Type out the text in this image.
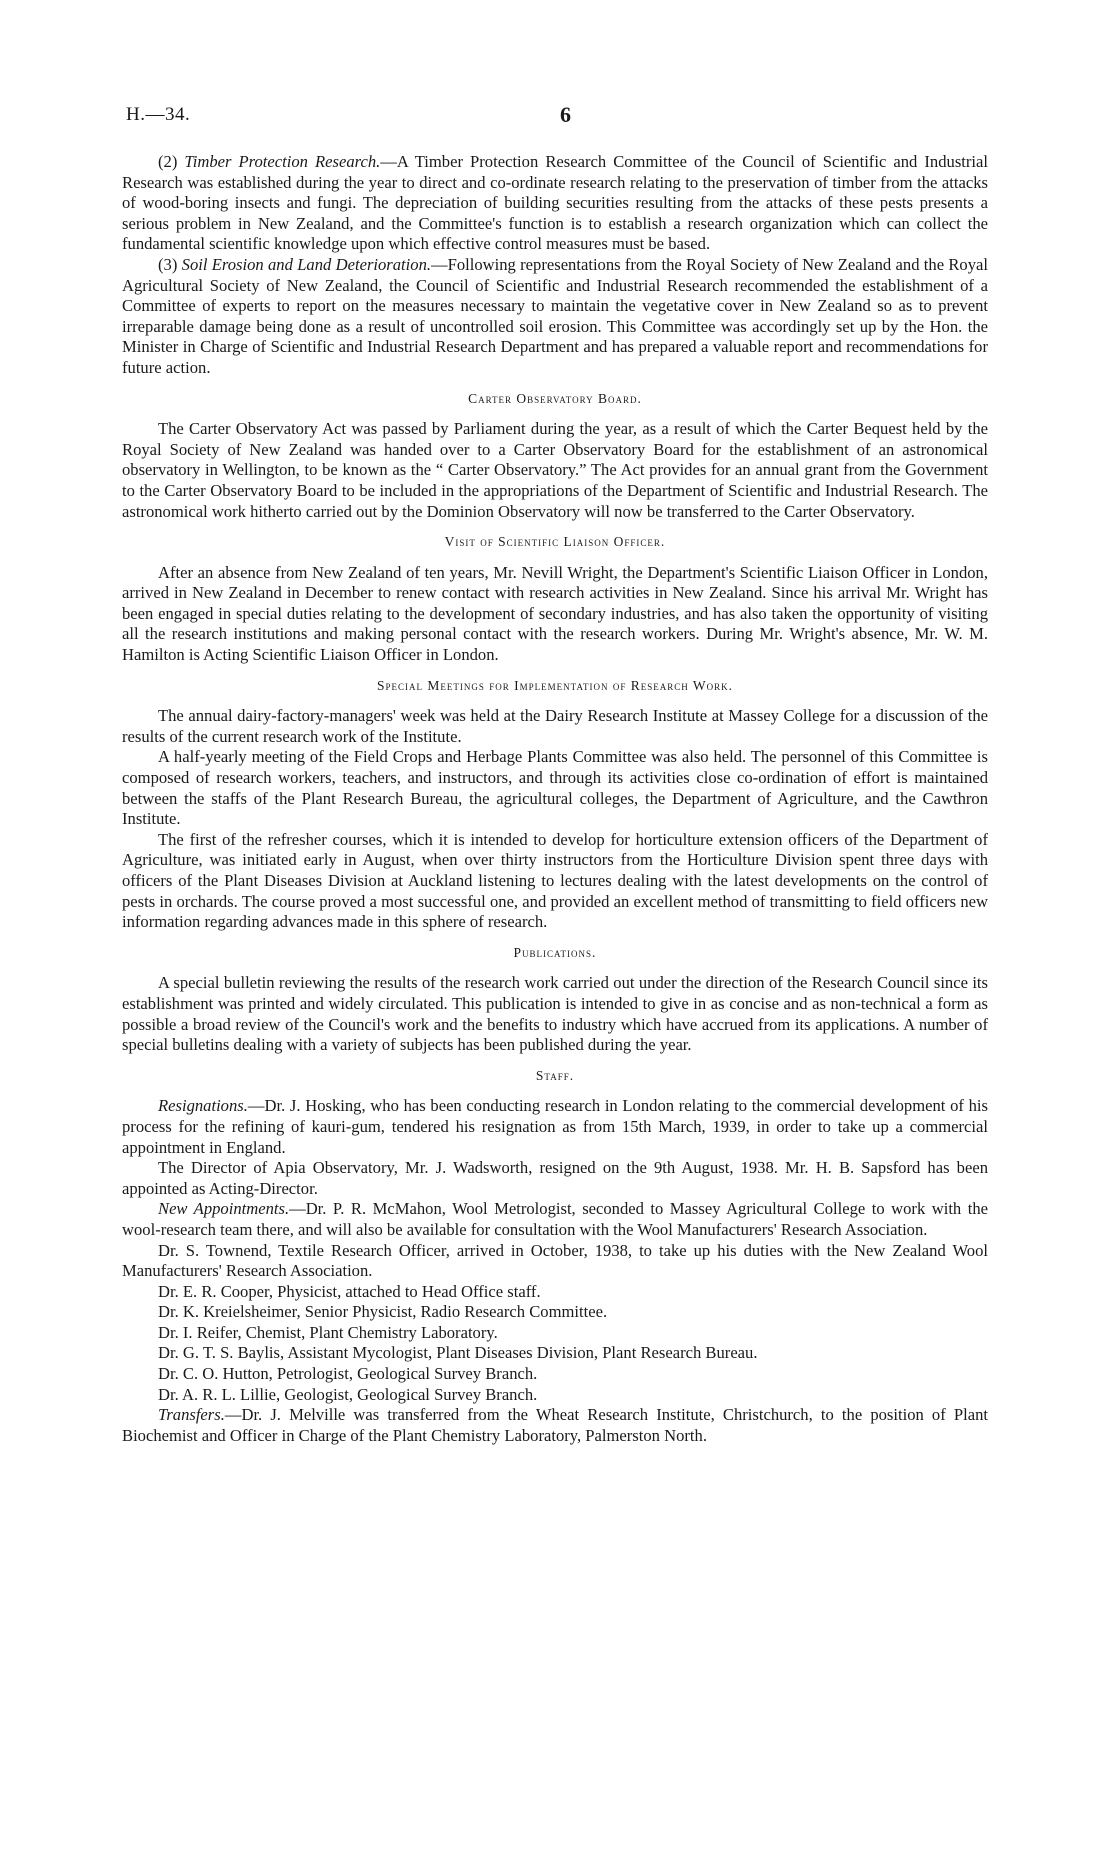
H.—34.	6

(2) Timber Protection Research.—A Timber Protection Research Committee of the Council of Scientific and Industrial Research was established during the year to direct and co-ordinate research relating to the preservation of timber from the attacks of wood-boring insects and fungi. The depreciation of building securities resulting from the attacks of these pests presents a serious problem in New Zealand, and the Committee's function is to establish a research organization which can collect the fundamental scientific knowledge upon which effective control measures must be based.

(3) Soil Erosion and Land Deterioration.—Following representations from the Royal Society of New Zealand and the Royal Agricultural Society of New Zealand, the Council of Scientific and Industrial Research recommended the establishment of a Committee of experts to report on the measures necessary to maintain the vegetative cover in New Zealand so as to prevent irreparable damage being done as a result of uncontrolled soil erosion. This Committee was accordingly set up by the Hon. the Minister in Charge of Scientific and Industrial Research Department and has prepared a valuable report and recommendations for future action.

Carter Observatory Board.

The Carter Observatory Act was passed by Parliament during the year, as a result of which the Carter Bequest held by the Royal Society of New Zealand was handed over to a Carter Observatory Board for the establishment of an astronomical observatory in Wellington, to be known as the “ Carter Observatory.” The Act provides for an annual grant from the Government to the Carter Observatory Board to be included in the appropriations of the Department of Scientific and Industrial Research. The astronomical work hitherto carried out by the Dominion Observatory will now be transferred to the Carter Observatory.

Visit of Scientific Liaison Officer.

After an absence from New Zealand of ten years, Mr. Nevill Wright, the Department's Scientific Liaison Officer in London, arrived in New Zealand in December to renew contact with research activities in New Zealand. Since his arrival Mr. Wright has been engaged in special duties relating to the development of secondary industries, and has also taken the opportunity of visiting all the research institutions and making personal contact with the research workers. During Mr. Wright's absence, Mr. W. M. Hamilton is Acting Scientific Liaison Officer in London.

Special Meetings for Implementation of Research Work.

The annual dairy-factory-managers' week was held at the Dairy Research Institute at Massey College for a discussion of the results of the current research work of the Institute.

A half-yearly meeting of the Field Crops and Herbage Plants Committee was also held. The personnel of this Committee is composed of research workers, teachers, and instructors, and through its activities close co-ordination of effort is maintained between the staffs of the Plant Research Bureau, the agricultural colleges, the Department of Agriculture, and the Cawthron Institute.

The first of the refresher courses, which it is intended to develop for horticulture extension officers of the Department of Agriculture, was initiated early in August, when over thirty instructors from the Horticulture Division spent three days with officers of the Plant Diseases Division at Auckland listening to lectures dealing with the latest developments on the control of pests in orchards. The course proved a most successful one, and provided an excellent method of transmitting to field officers new information regarding advances made in this sphere of research.

Publications.

A special bulletin reviewing the results of the research work carried out under the direction of the Research Council since its establishment was printed and widely circulated. This publication is intended to give in as concise and as non-technical a form as possible a broad review of the Council's work and the benefits to industry which have accrued from its applications. A number of special bulletins dealing with a variety of subjects has been published during the year.

Staff.

Resignations.—Dr. J. Hosking, who has been conducting research in London relating to the commercial development of his process for the refining of kauri-gum, tendered his resignation as from 15th March, 1939, in order to take up a commercial appointment in England.

The Director of Apia Observatory, Mr. J. Wadsworth, resigned on the 9th August, 1938. Mr. H. B. Sapsford has been appointed as Acting-Director.

New Appointments.—Dr. P. R. McMahon, Wool Metrologist, seconded to Massey Agricultural College to work with the wool-research team there, and will also be available for consultation with the Wool Manufacturers' Research Association.

Dr. S. Townend, Textile Research Officer, arrived in October, 1938, to take up his duties with the New Zealand Wool Manufacturers' Research Association.

Dr. E. R. Cooper, Physicist, attached to Head Office staff.

Dr. K. Kreielsheimer, Senior Physicist, Radio Research Committee.

Dr. I. Reifer, Chemist, Plant Chemistry Laboratory.

Dr. G. T. S. Baylis, Assistant Mycologist, Plant Diseases Division, Plant Research Bureau.

Dr. C. O. Hutton, Petrologist, Geological Survey Branch.

Dr. A. R. L. Lillie, Geologist, Geological Survey Branch.

Transfers.—Dr. J. Melville was transferred from the Wheat Research Institute, Christchurch, to the position of Plant Biochemist and Officer in Charge of the Plant Chemistry Laboratory, Palmerston North.
